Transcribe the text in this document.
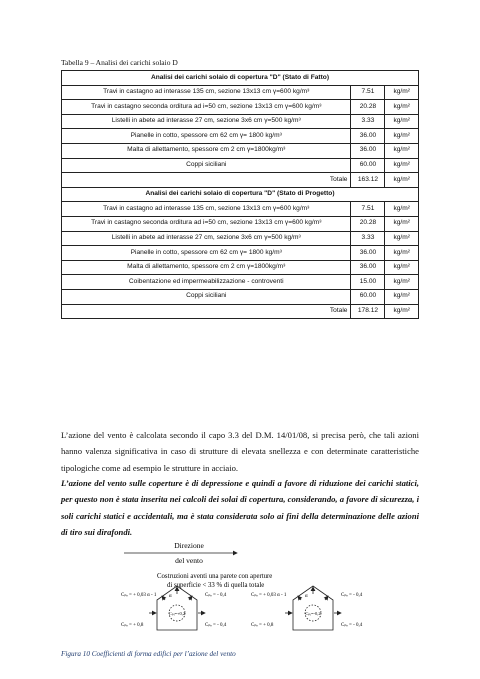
Tabella 9 – Analisi dei carichi solaio D
Analisi dei carichi solaio di copertura "D" (Stato di Fatto)		
Travi in castagno ad interasse 135 cm, sezione 13x13 cm γ=600 kg/m³	7.51	kg/m²
Travi in castagno seconda orditura ad i=50 cm, sezione 13x13 cm γ=600 kg/m³	20.28	kg/m²
Listelli in abete ad interasse 27 cm, sezione 3x6 cm γ=500 kg/m³	3.33	kg/m²
Pianelle in cotto, spessore cm 62 cm γ= 1800 kg/m³	36.00	kg/m²
Malta di allettamento, spessore cm 2 cm γ=1800kg/m³	36.00	kg/m²
Coppi siciliani	60.00	kg/m²
Totale	163.12	kg/m²
Analisi dei carichi solaio di copertura "D" (Stato di Progetto)		
Travi in castagno ad interasse 135 cm, sezione 13x13 cm γ=600 kg/m³	7.51	kg/m²
Travi in castagno seconda orditura ad i=50 cm, sezione 13x13 cm γ=600 kg/m³	20.28	kg/m²
Listelli in abete ad interasse 27 cm, sezione 3x6 cm γ=500 kg/m³	3.33	kg/m²
Pianelle in cotto, spessore cm 62 cm γ= 1800 kg/m³	36.00	kg/m²
Malta di allettamento, spessore cm 2 cm γ=1800kg/m³	36.00	kg/m²
Coibentazione ed impermeabilizzazione - controventi	15.00	kg/m²
Coppi siciliani	60.00	kg/m²
Totale	178.12	kg/m²
L’azione del vento è calcolata secondo il capo 3.3 del D.M. 14/01/08, si precisa però, che tali azioni hanno valenza significativa in caso di strutture di elevata snellezza e con determinate caratteristiche tipologiche come ad esempio le strutture in acciaio.
L’azione del vento sulle coperture è di depressione e quindi a favore di riduzione dei carichi statici, per questo non è stata inserita nei calcoli dei solai di copertura, considerando, a favore di sicurezza, i soli carichi statici e accidentali, ma è stata considerata solo ai fini della determinazione delle azioni di tiro sui dirafondi.
Direzione
del vento
Costruzioni aventi una parete con aperture
di superficie < 33 % di quella totale
Cₚᵢ=+0,2
α
Cₚₑ = + 0,03 α - 1	Cₚₑ = - 0,4
Cₚₑ = + 0,8	Cₚₑ = - 0,4
Cₚᵢ=-0,2
α
Cₚₑ = + 0,03 α - 1	Cₚₑ = - 0,4
Cₚₑ = + 0,8	Cₚₑ = - 0,4
Figura 10 Coefficienti di forma edifici per l’azione del vento
